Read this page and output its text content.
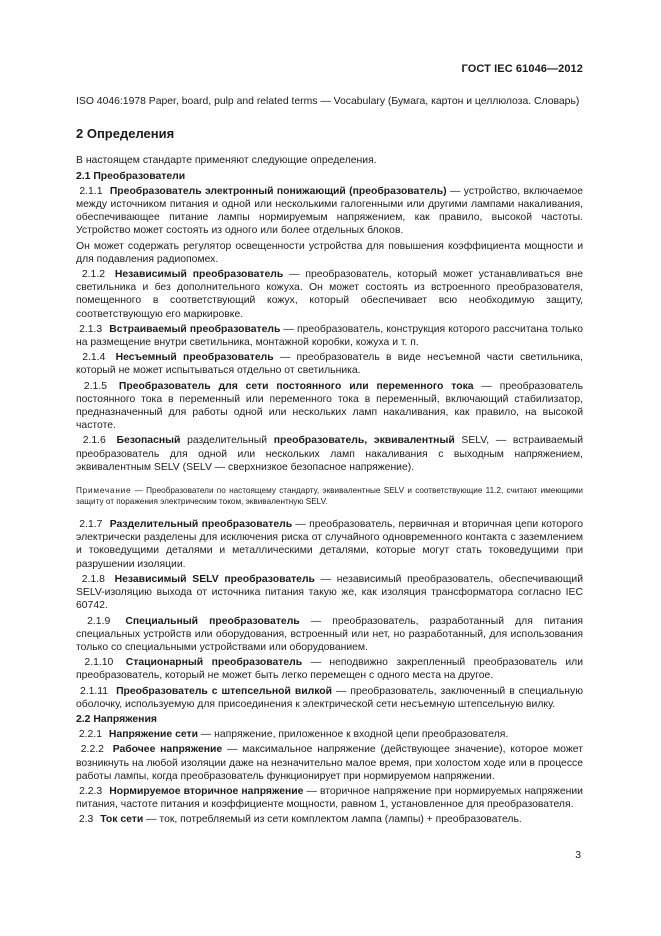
ГОСТ IEC 61046—2012

ISO 4046:1978 Paper, board, pulp and related terms — Vocabulary (Бумага, картон и целлюлоза. Словарь)

2 Определения

В настоящем стандарте применяют следующие определения.

2.1 Преобразователи

2.1.1 Преобразователь электронный понижающий (преобразователь) — устройство, включаемое между источником питания и одной или несколькими галогенными или другими лампами накаливания, обеспечивающее питание лампы нормируемым напряжением, как правило, высокой частоты. Устройство может состоять из одного или более отдельных блоков.

Он может содержать регулятор освещенности устройства для повышения коэффициента мощности и для подавления радиопомех.

2.1.2 Независимый преобразователь — преобразователь, который может устанавливаться вне светильника и без дополнительного кожуха. Он может состоять из встроенного преобразователя, помещенного в соответствующий кожух, который обеспечивает всю необходимую защиту, соответствующую его маркировке.

2.1.3 Встраиваемый преобразователь — преобразователь, конструкция которого рассчитана только на размещение внутри светильника, монтажной коробки, кожуха и т. п.

2.1.4 Несъемный преобразователь — преобразователь в виде несъемной части светильника, который не может испытываться отдельно от светильника.

2.1.5 Преобразователь для сети постоянного или переменного тока — преобразователь постоянного тока в переменный или переменного тока в переменный, включающий стабилизатор, предназначенный для работы одной или нескольких ламп накаливания, как правило, на высокой частоте.

2.1.6 Безопасный разделительный преобразователь, эквивалентный SELV, — встраиваемый преобразователь для одной или нескольких ламп накаливания с выходным напряжением, эквивалентным SELV (SELV — сверхнизкое безопасное напряжение).

Примечание — Преобразователи по настоящему стандарту, эквивалентные SELV и соответствующие 11.2, считают имеющими защиту от поражения электрическим током, эквивалентную SELV.

2.1.7 Разделительный преобразователь — преобразователь, первичная и вторичная цепи которого электрически разделены для исключения риска от случайного одновременного контакта с заземлением и токоведущими деталями и металлическими деталями, которые могут стать токоведущими при разрушении изоляции.

2.1.8 Независимый SELV преобразователь — независимый преобразователь, обеспечивающий SELV-изоляцию выхода от источника питания такую же, как изоляция трансформатора согласно IEC 60742.

2.1.9 Специальный преобразователь — преобразователь, разработанный для питания специальных устройств или оборудования, встроенный или нет, но разработанный, для использования только со специальными устройствами или оборудованием.

2.1.10 Стационарный преобразователь — неподвижно закрепленный преобразователь или преобразователь, который не может быть легко перемещен с одного места на другое.

2.1.11 Преобразователь с штепсельной вилкой — преобразователь, заключенный в специальную оболочку, используемую для присоединения к электрической сети несъемную штепсельную вилку.

2.2 Напряжения

2.2.1 Напряжение сети — напряжение, приложенное к входной цепи преобразователя.

2.2.2 Рабочее напряжение — максимальное напряжение (действующее значение), которое может возникнуть на любой изоляции даже на незначительно малое время, при холостом ходе или в процессе работы лампы, когда преобразователь функционирует при нормируемом напряжении.

2.2.3 Нормируемое вторичное напряжение — вторичное напряжение при нормируемых напряжении питания, частоте питания и коэффициенте мощности, равном 1, установленное для преобразователя.

2.3 Ток сети — ток, потребляемый из сети комплектом лампа (лампы) + преобразователь.

3
